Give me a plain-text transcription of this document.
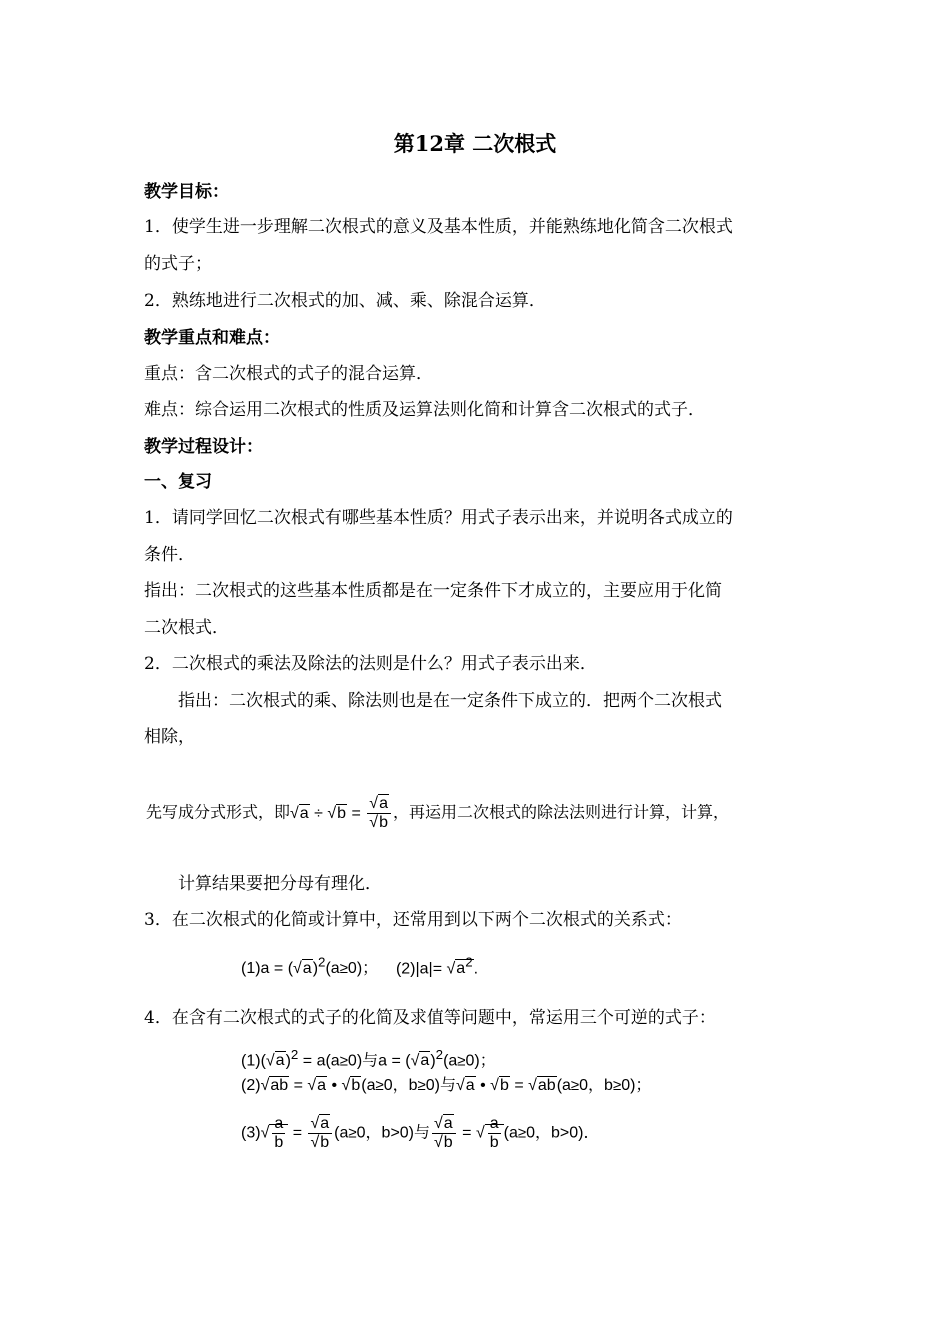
第12章 二次根式
教学目标：
1．使学生进一步理解二次根式的意义及基本性质，并能熟练地化简含二次根式
的式子；
2．熟练地进行二次根式的加、减、乘、除混合运算．
教学重点和难点：
重点：含二次根式的式子的混合运算．
难点：综合运用二次根式的性质及运算法则化简和计算含二次根式的式子．
教学过程设计：
一、复习
1．请同学回忆二次根式有哪些基本性质？用式子表示出来，并说明各式成立的
条件．
指出：二次根式的这些基本性质都是在一定条件下才成立的，主要应用于化简
二次根式．
2．二次根式的乘法及除法的法则是什么？用式子表示出来．
指出：二次根式的乘、除法则也是在一定条件下成立的．把两个二次根式
相除，
先写成分式形式，即$√a \div √b = \frac{√a}{√b}$ ，再运用二次根式的除法法则进行计算，计算，
计算结果要把分母有理化．
3．在二次根式的化简或计算中，还常用到以下两个二次根式的关系式：
$(1)a = (√a)^2(a\ge 0)$； $(2)|a|= √a^2$.
4．在含有二次根式的式子的化简及求值等问题中，常运用三个可逆的式子：
$(1)(√a)^2 = a(a\ge 0)$与$a = (√a)^2(a\ge 0)$；
(2)√ab = √a • √b(a≥0，b≥0)与√a • √b = √ab(a≥0，b≥0)；
$(3)√ \frac{a}{b} = \frac{√a}{√b} (a\ge 0$，b>0)与 $\frac{√a}{√b}$ = √ $\frac{a}{b} (a\ge 0$，b>0)．
